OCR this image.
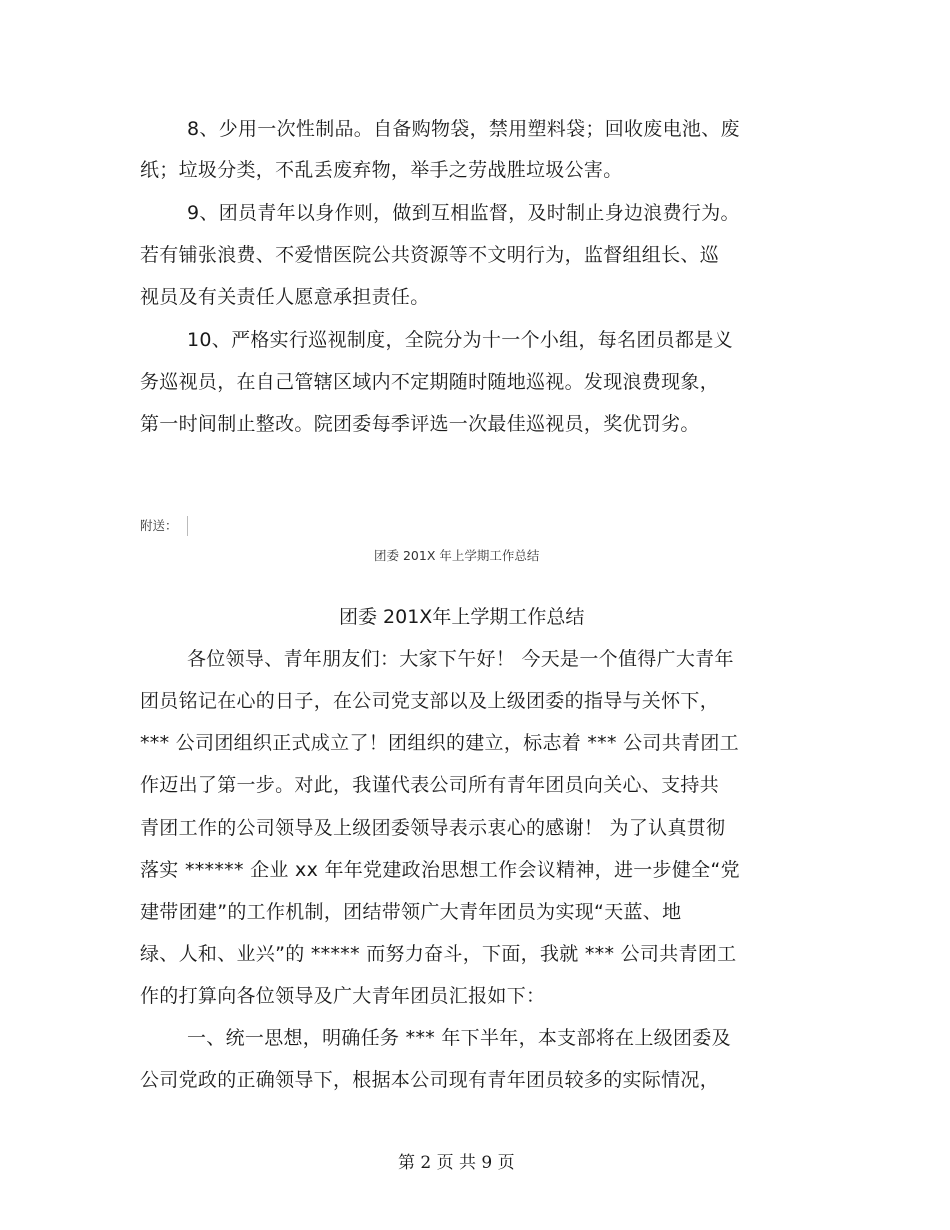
8、少用一次性制品。自备购物袋，禁用塑料袋；回收废电池、废
纸；垃圾分类，不乱丢废弃物，举手之劳战胜垃圾公害。
9、团员青年以身作则，做到互相监督，及时制止身边浪费行为。
若有铺张浪费、不爱惜医院公共资源等不文明行为，监督组组长、巡
视员及有关责任人愿意承担责任。
10、严格实行巡视制度，全院分为十一个小组，每名团员都是义
务巡视员，在自己管辖区域内不定期随时随地巡视。发现浪费现象，
第一时间制止整改。院团委每季评选一次最佳巡视员，奖优罚劣。
附送：
团委 201X 年上学期工作总结
团委 201X年上学期工作总结
各位领导、青年朋友们：大家下午好！ 今天是一个值得广大青年
团员铭记在心的日子，在公司党支部以及上级团委的指导与关怀下，
*** 公司团组织正式成立了！团组织的建立，标志着 *** 公司共青团工
作迈出了第一步。对此，我谨代表公司所有青年团员向关心、支持共
青团工作的公司领导及上级团委领导表示衷心的感谢！ 为了认真贯彻
落实 ****** 企业 xx 年年党建政治思想工作会议精神，进一步健全“党
建带团建”的工作机制，团结带领广大青年团员为实现“天蓝、地
绿、人和、业兴”的 ***** 而努力奋斗，下面，我就 *** 公司共青团工
作的打算向各位领导及广大青年团员汇报如下：
一、统一思想，明确任务 *** 年下半年，本支部将在上级团委及
公司党政的正确领导下，根据本公司现有青年团员较多的实际情况，
第 2 页 共 9 页
